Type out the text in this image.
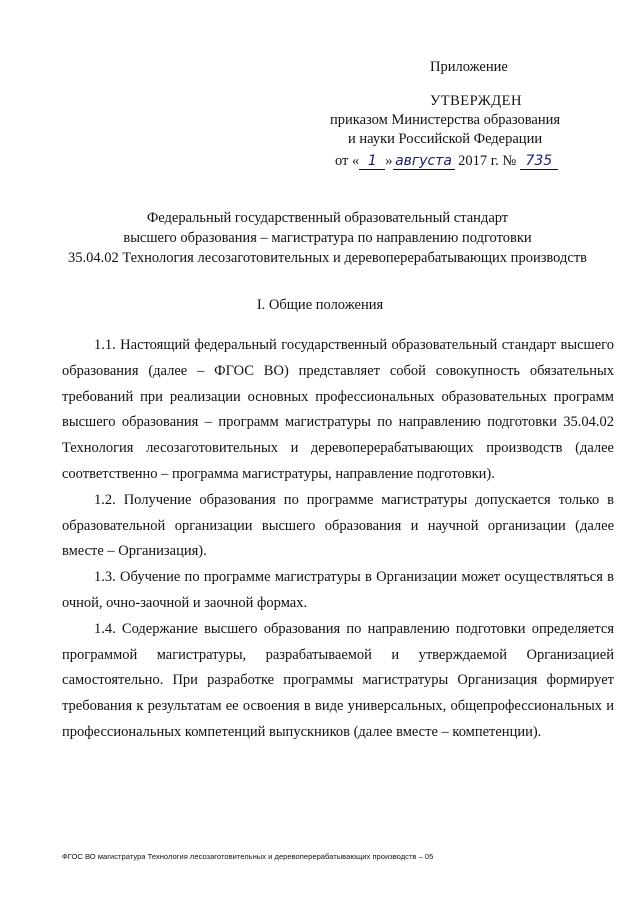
Приложение
УТВЕРЖДЕН
приказом Министерства образования
и науки Российской Федерации
от « 1 » августа 2017 г. № 735
Федеральный государственный образовательный стандарт
высшего образования – магистратура по направлению подготовки
35.04.02 Технология лесозаготовительных и деревоперерабатывающих производств
I. Общие положения

1.1. Настоящий федеральный государственный образовательный стандарт высшего образования (далее – ФГОС ВО) представляет собой совокупность обязательных требований при реализации основных профессиональных образовательных программ высшего образования – программ магистратуры по направлению подготовки 35.04.02 Технология лесозаготовительных и деревоперерабатывающих производств (далее соответственно – программа магистратуры, направление подготовки).

1.2. Получение образования по программе магистратуры допускается только в образовательной организации высшего образования и научной организации (далее вместе – Организация).

1.3. Обучение по программе магистратуры в Организации может осуществляться в очной, очно-заочной и заочной формах.

1.4. Содержание высшего образования по направлению подготовки определяется программой магистратуры, разрабатываемой и утверждаемой Организацией самостоятельно. При разработке программы магистратуры Организация формирует требования к результатам ее освоения в виде универсальных, общепрофессиональных и профессиональных компетенций выпускников (далее вместе – компетенции).

ФГОС ВО магистратура Технология лесозаготовительных и деревоперерабатывающих производств – 05
